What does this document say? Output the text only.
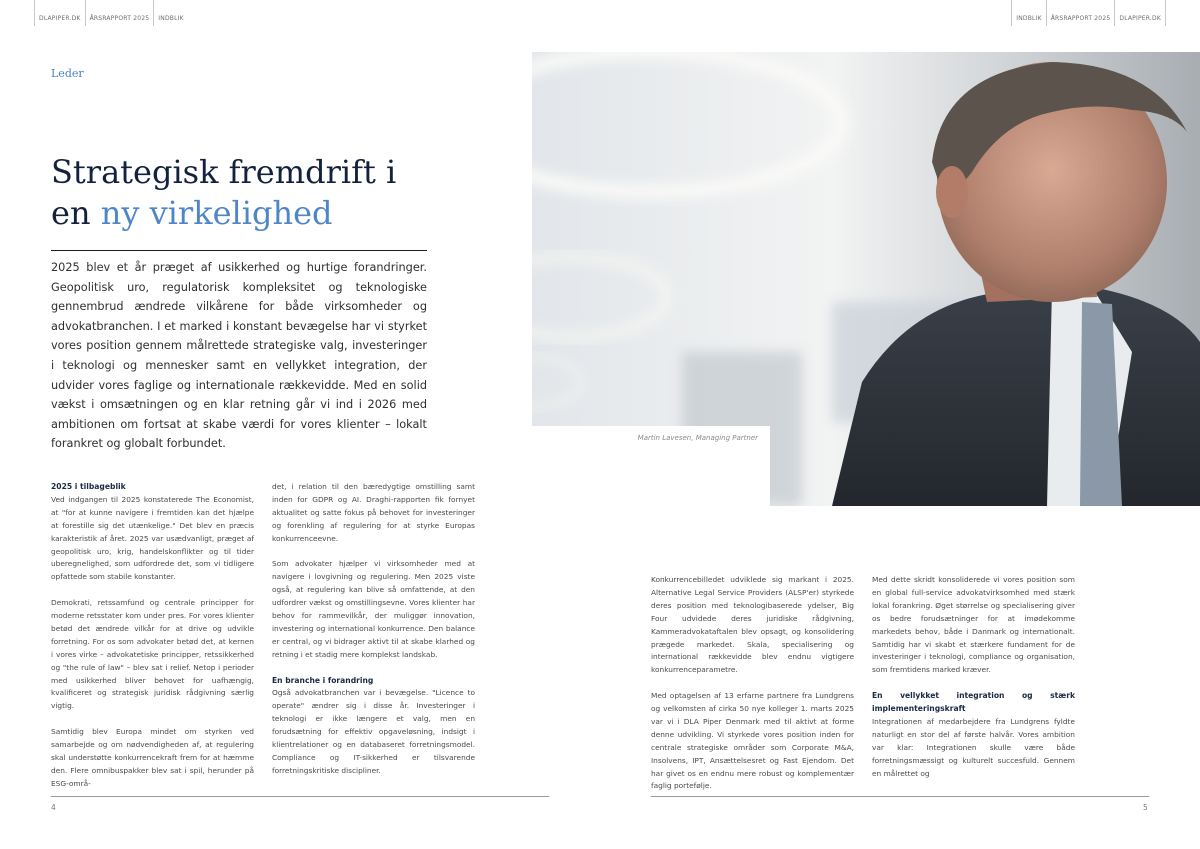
DLAPIPER.DK	ÅRSRAPPORT 2025	INDBLIK	INDBLIK	ÅRSRAPPORT 2025	DLAPIPER.DK
Leder
Strategisk fremdrift i
en ny virkelighed

2025 blev et år præget af usikkerhed og hurtige forandringer. Geopolitisk uro, regulatorisk kompleksitet og teknologiske gennembrud ændrede vilkårene for både virksomheder og advokatbranchen. I et marked i konstant bevægelse har vi styrket vores position gennem målrettede strategiske valg, investeringer i teknologi og mennesker samt en vellykket integration, der udvider vores faglige og internationale rækkevidde. Med en solid vækst i omsætningen og en klar retning går vi ind i 2026 med ambitionen om fortsat at skabe værdi for vores klienter – lokalt forankret og globalt forbundet.	Martin Lavesen, Managing Partner
2025 i tilbageblik

Ved indgangen til 2025 konstaterede The Economist, at "for at kunne navigere i fremtiden kan det hjælpe at forestille sig det utænkelige." Det blev en præcis karakteristik af året. 2025 var usædvanligt, præget af geopolitisk uro, krig, handelskonflikter og til tider uberegnelighed, som udfordrede det, som vi tidligere opfattede som stabile konstanter.

Demokrati, retssamfund og centrale principper for moderne retsstater kom under pres. For vores klienter betød det ændrede vilkår for at drive og udvikle forretning. For os som advokater betød det, at kernen i vores virke – advokatetiske principper, retssikkerhed og "the rule of law" – blev sat i relief. Netop i perioder med usikkerhed bliver behovet for uafhængig, kvalificeret og strategisk juridisk rådgivning særlig vigtig.

Samtidig blev Europa mindet om styrken ved samarbejde og om nødvendigheden af, at regulering skal understøtte konkurrencekraft frem for at hæmme den. Flere omnibuspakker blev sat i spil, herunder på ESG-områ-

det, i relation til den bæredygtige omstilling samt inden for GDPR og AI. Draghi-rapporten fik fornyet aktualitet og satte fokus på behovet for investeringer og forenkling af regulering for at styrke Europas konkurrenceevne.

Som advokater hjælper vi virksomheder med at navigere i lovgivning og regulering. Men 2025 viste også, at regulering kan blive så omfattende, at den udfordrer vækst og omstillingsevne. Vores klienter har behov for rammevilkår, der muliggør innovation, investering og international konkurrence. Den balance er central, og vi bidrager aktivt til at skabe klarhed og retning i et stadig mere komplekst landskab.

En branche i forandring

Også advokatbranchen var i bevægelse. "Licence to operate" ændrer sig i disse år. Investeringer i teknologi er ikke længere et valg, men en forudsætning for effektiv opgaveløsning, indsigt i klientrelationer og en databaseret forretningsmodel. Compliance og IT-sikkerhed er tilsvarende forretningskritiske discipliner.

Konkurrencebilledet udviklede sig markant i 2025. Alternative Legal Service Providers (ALSP'er) styrkede deres position med teknologibaserede ydelser, Big Four udvidede deres juridiske rådgivning, Kammeradvokataftalen blev opsagt, og konsolidering prægede markedet. Skala, specialisering og international rækkevidde blev endnu vigtigere konkurrenceparametre.

Med optagelsen af 13 erfarne partnere fra Lundgrens og velkomsten af cirka 50 nye kolleger 1. marts 2025 var vi i DLA Piper Denmark med til aktivt at forme denne udvikling. Vi styrkede vores position inden for centrale strategiske områder som Corporate M&A, Insolvens, IPT, Ansættelsesret og Fast Ejendom. Det har givet os en endnu mere robust og komplementær faglig portefølje.

Med dette skridt konsoliderede vi vores position som en global full-service advokatvirksomhed med stærk lokal forankring. Øget størrelse og specialisering giver os bedre forudsætninger for at imødekomme markedets behov, både i Danmark og internationalt. Samtidig har vi skabt et stærkere fundament for de investeringer i teknologi, compliance og organisation, som fremtidens marked kræver.

En vellykket integration og stærk implementeringskraft

Integrationen af medarbejdere fra Lundgrens fyldte naturligt en stor del af første halvår. Vores ambition var klar: Integrationen skulle være både forretningsmæssigt og kulturelt succesfuld. Gennem en målrettet og

4	5
